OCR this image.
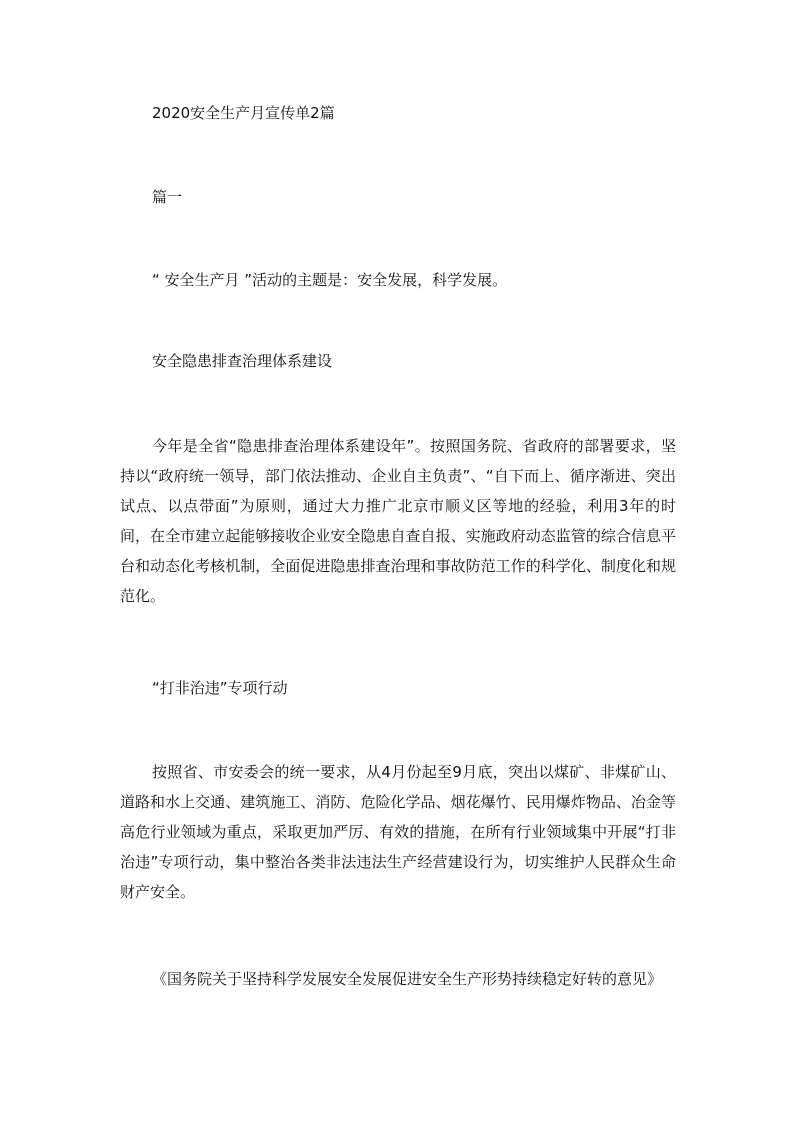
2020安全生产月宣传单2篇
篇一
“ 安全生产月 ”活动的主题是：安全发展，科学发展。
安全隐患排查治理体系建设
今年是全省“隐患排查治理体系建设年”。按照国务院、省政府的部署要求，坚持以“政府统一领导，部门依法推动、企业自主负责”、“自下而上、循序渐进、突出试点、以点带面”为原则，通过大力推广北京市顺义区等地的经验，利用3年的时间，在全市建立起能够接收企业安全隐患自查自报、实施政府动态监管的综合信息平台和动态化考核机制，全面促进隐患排查治理和事故防范工作的科学化、制度化和规范化。
“打非治违”专项行动
按照省、市安委会的统一要求，从4月份起至9月底，突出以煤矿、非煤矿山、道路和水上交通、建筑施工、消防、危险化学品、烟花爆竹、民用爆炸物品、冶金等高危行业领域为重点，采取更加严厉、有效的措施，在所有行业领域集中开展“打非治违”专项行动，集中整治各类非法违法生产经营建设行为，切实维护人民群众生命财产安全。
《国务院关于坚持科学发展安全发展促进安全生产形势持续稳定好转的意见》
